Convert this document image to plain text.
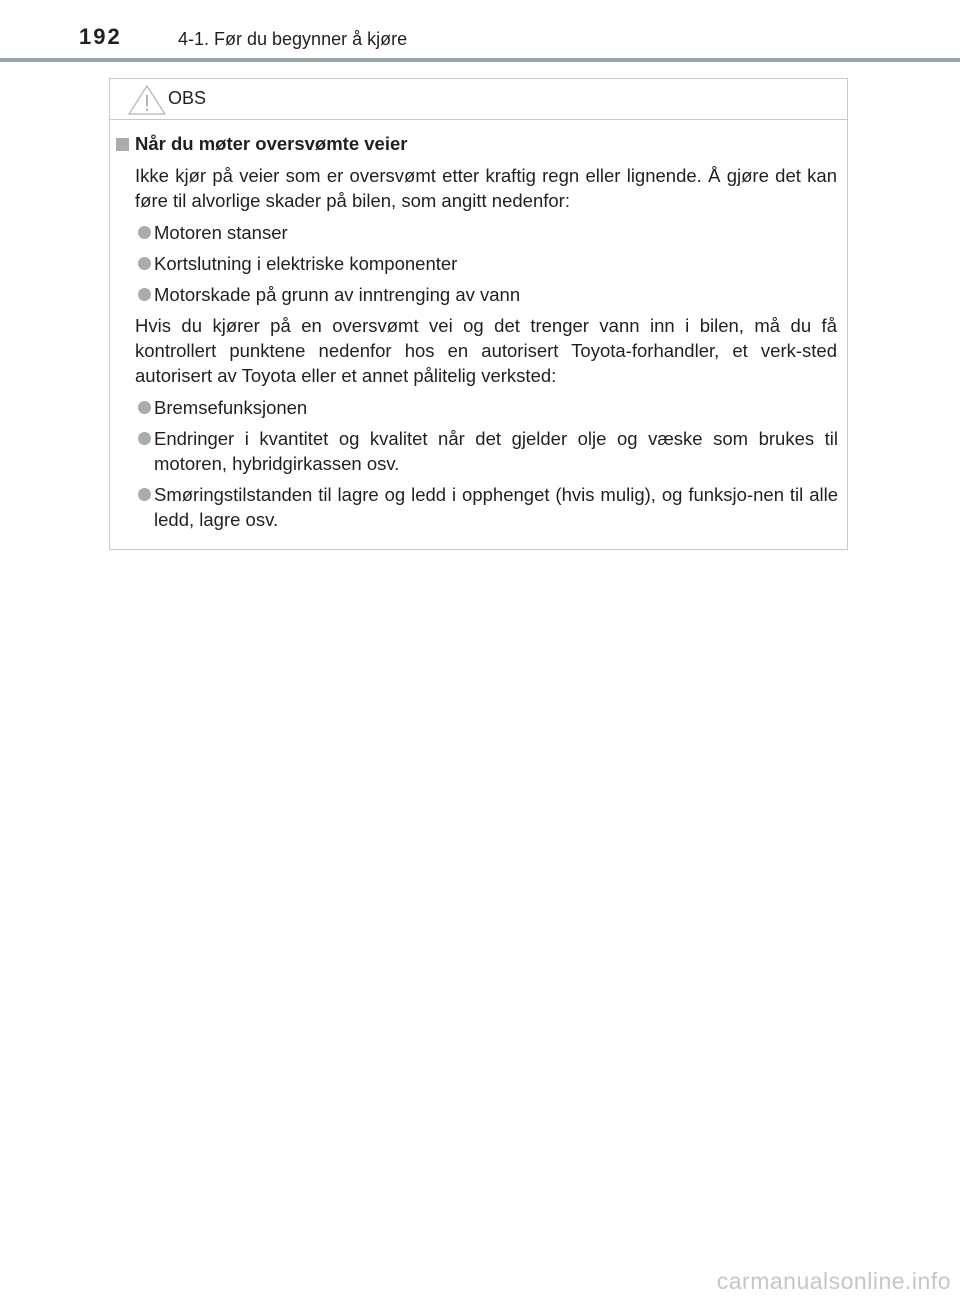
192	4-1. Før du begynner å kjøre
OBS
Når du møter oversvømte veier

Ikke kjør på veier som er oversvømt etter kraftig regn eller lignende. Å gjøre det kan føre til alvorlige skader på bilen, som angitt nedenfor:

Motoren stanser
Kortslutning i elektriske komponenter
Motorskade på grunn av inntrenging av vann

Hvis du kjører på en oversvømt vei og det trenger vann inn i bilen, må du få kontrollert punktene nedenfor hos en autorisert Toyota-forhandler, et verk-sted autorisert av Toyota eller et annet pålitelig verksted:

Bremsefunksjonen
Endringer i kvantitet og kvalitet når det gjelder olje og væske som brukes til motoren, hybridgirkassen osv.
Smøringstilstanden til lagre og ledd i opphenget (hvis mulig), og funksjo-nen til alle ledd, lagre osv.
carmanualsonline.info
